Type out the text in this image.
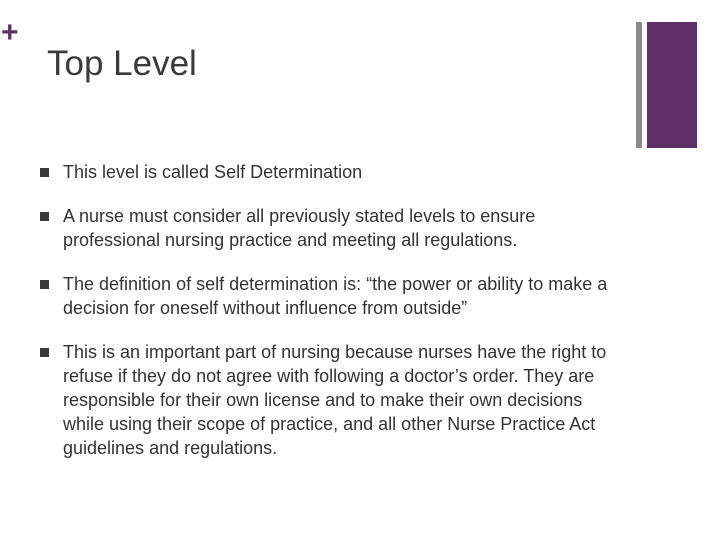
+
Top Level
This level is called Self Determination
A nurse must consider all previously stated levels to ensure professional nursing practice and meeting all regulations.
The definition of self determination is: “the power or ability to make a decision for oneself without influence from outside”
This is an important part of nursing because nurses have the right to refuse if they do not agree with following a doctor’s order. They are responsible for their own license and to make their own decisions while using their scope of practice, and all other Nurse Practice Act guidelines and regulations.
